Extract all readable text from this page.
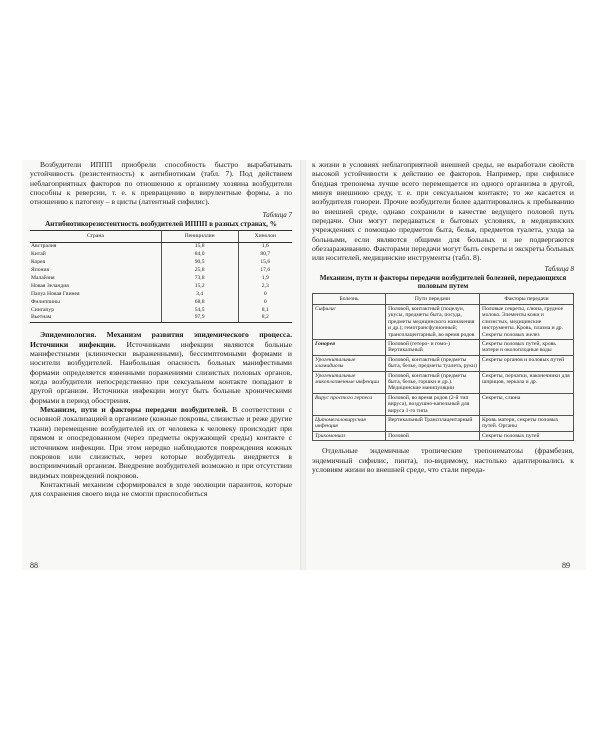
Возбудители ИППП приобрели способность быстро вырабатывать устойчивость (резистентность) к антибиотикам (табл. 7). Под действием неблагоприятных факторов по отношению к организму хозяина возбудители способны к реверсии, т. е. к превращению в вирулентные формы, а по отношению к патогену – в цисты (латентный сифилис).

Таблица 7
Антибиотикорезистентность возбудителей ИППП в разных странах, %
Страна	Пенициллин	Хинолон
Австралия	15,8	1,6
Китай	84,0	80,7
Корея	90,5	15,6
Япония	25,8	17,6
Малайзия	73,8	1,9
Новая Зеландия	15,2	2,3
Папуа Новая Гвинея	3,4	0
Филиппины	68,8	0
Сингапур	54,5	8,1
Вьетнам	97,9	8,2

Эпидемиология. Механизм развития эпидемического процесса. Источники инфекции. Источниками инфекции являются больные манифестными (клинически выраженными), бессимптомными формами и носители возбудителей. Наибольшая опасность больных манифестными формами определяется язвенными поражениями слизистых половых органов, когда возбудители непосредственно при сексуальном контакте попадают в другой организм. Источники инфекции могут быть больные хроническими формами в период обострения.

Механизм, пути и факторы передачи возбудителей. В соответствии с основной локализацией в организме (кожные покровы, слизистые и реже другие ткани) перемещение возбудителей их от человека к человеку происходит при прямом и опосредованном (через предметы окружающей среды) контакте с источником инфекции. При этом нередко наблюдаются повреждения кожных покровов или слизистых, через которые возбудитель внедряется в восприимчивый организм. Внедрение возбудителей возможно и при отсутствии видимых повреждений покровов.

Контактный механизм сформировался в ходе эволюции паразитов, которые для сохранения своего вида не смогли приспособиться

88

к жизни в условиях неблагоприятной внешней среды, не выработали свойств высокой устойчивости к действию ее факторов. Например, при сифилисе бледная трепонема лучше всего перемещается из одного организма в другой, минуя внешнюю среду, т. е. при сексуальном контакте; то же касается и возбудителя гонореи. Прочие возбудители более адаптировались к пребыванию во внешней среде, однако сохранили в качестве ведущего половой путь передачи. Они могут передаваться в бытовых условиях, в медицинских учреждениях с помощью предметов быта, белья, предметов туалета, ухода за больными, если являются общими для больных и не подвергаются обеззараживанию. Факторами передачи могут быть секреты и экскреты больных или носителей, медицинские инструменты (табл. 8).

Таблица 8
Механизм, пути и факторы передачи возбудителей болезней, передающихся половым путем
Болезнь	Пути передачи	Факторы передачи
Сифилис	Половой, контактный (поцелуи, укусы, предметы быта, посуда, предметы медицинского назначения и др.); гемотрансфузионный; трансплацентарный, во время родов	Половые секреты, слюна, грудное молоко. Элементы кожи и слизистых, медицинские инструменты. Кровь, плазма и др. Секреты половых желез
Гонорея	Половой (гетеро- и гомо-) Вертикальный	Секреты половых путей, кровь матери и околоплодные воды
Урогенитальные хламидиозы	Половой, контактный (предметы быта, белье, предметы туалета, руки)	Секреты органов и половых путей
Урогенитальные микоплазменные инфекции	Половой, контактный (предметы быта, белье, горшки и др.). Медицинские манипуляции	Секреты, перчатки, наконечники для шприцов, зеркала и др.
Вирус простого герпеса	Половой, во время родов (2-й тип вируса), воздушно-капельный для вируса 1-го типа	Секреты, слюна
Цитомегаловирусная инфекция	Вертикальный Трансплацентарный	Кровь матери, секреты половых путей. Органы
Трихомониаз	Половой	Секреты половых путей

Отдельные эндемичные тропические трепонематозы (фрамбезия, эндемичный сифилис, пинта), по-видимому, настолько адаптировались к условиям жизни во внешней среде, что стали переда-

89
